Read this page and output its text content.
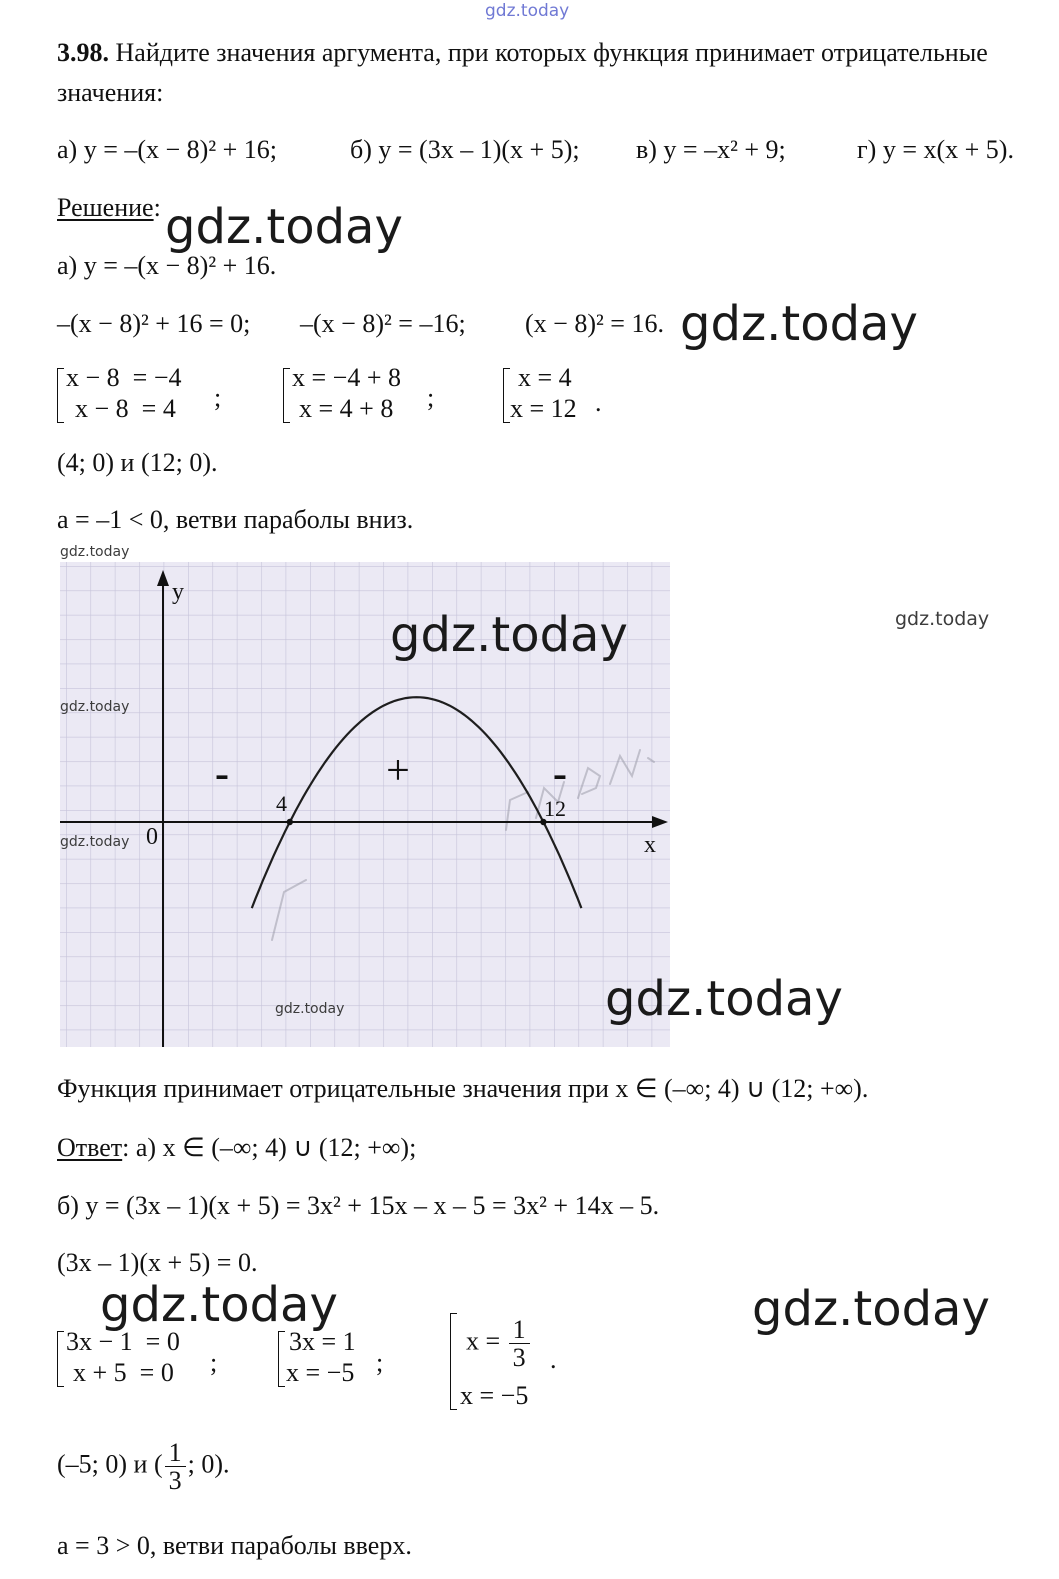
gdz.today
3.98. Найдите значения аргумента, при которых функция принимает отрицательные
значения:
а) y = –(x − 8)² + 16;	б) y = (3x – 1)(x + 5); в) y = –x² + 9;	г) y = x(x + 5).
Решение: gdz.today
а) y = –(x − 8)² + 16.
–(x − 8)² + 16 = 0; –(x − 8)² = –16; (x − 8)² = 16. gdz.today
x − 8  = −4
x − 8  = 4 ;
x = −4 + 8
x = 4 + 8 ;
x = 4
x = 12 .
(4; 0) и (12; 0).
a = –1 < 0, ветви параболы вниз.
gdz.today
y
x
0
4	12
-	+	-
gdz.today
gdz.today
gdz.today
gdz.today
gdz.today	gdz.today
Функция принимает отрицательные значения при x ∈ (–∞; 4) ∪ (12; +∞).
Ответ: а) x ∈ (–∞; 4) ∪ (12; +∞);
б) y = (3x – 1)(x + 5) = 3x² + 15x – x – 5 = 3x² + 14x – 5.
(3x – 1)(x + 5) = 0.
gdz.today	gdz.today
3x − 1  = 0
x + 5  = 0 ;
3x = 1
x = −5 ;
$x = \frac{1}{3}$
x = −5
.
(–5; 0) и ( $\frac{1}{3}$ ; 0).
a = 3 > 0, ветви параболы вверх.
